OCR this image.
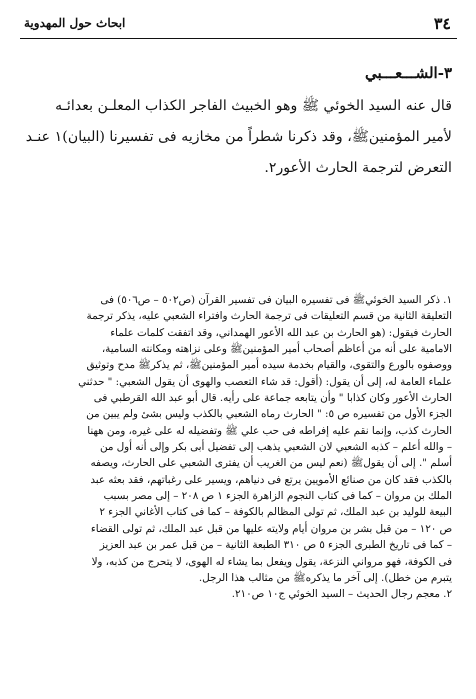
ابحاث حول المهدوية	٣٤
٣-الشـــعـــبي
قال عنه السيد الخوئي ﷺ وهو الخبيث الفاجر الكذاب المعلـن بعدائـه
لأمير المؤمنينﷺ، وقد ذكرنا شطراً من مخازيه فى تفسيرنا (البيان)١ عنـد
التعرض لترجمة الحارث الأعور٢.
١. ذكر السيد الخوئيﷺ فى تفسيره البيان فى تفسير القرآن (ص٥٠٢ – ص٥٠٦) فى
التعليقة الثانية من قسم التعليقات فى ترجمة الحارث وافتراء الشعبي عليه، يذكر ترجمة
الحارث فيقول: (هو الحارث بن عبد الله الأعور الهمداني، وقد اتفقت كلمات علماء
الامامية على أنه من أعاظم أصحاب أمير المؤمنينﷺ وعلى نزاهته ومكانته السامية،
ووصفوه بالورع والتقوى، والقيام بخدمة سيده أمير المؤمنينﷺ، ثم يذكرﷺ مدح وتوثيق
علماء العامة له، إلى أن يقول: (أقول: قد شاء التعصب والهوى أن يقول الشعبي: " حدثني
الحارث الأعور وكان كذابا " وأن يتابعه جماعة على رأيه. قال أبو عبد الله القرطبي فى
الجزء الأول من تفسيره ص ٥: " الحارث رماه الشعبي بالكذب وليس بشئ ولم يبين من
الحارث كذب، وإنما نقم عليه إفراطه فى حب علي ﷺ وتفضيله له على غيره، ومن ههنا
– والله أعلم – كذبه الشعبي لان الشعبي يذهب إلى تفضيل أبى بكر وإلى أنه أول من
أسلم ". إلى أن يقولﷺ (نعم ليس من الغريب أن يفترى الشعبي على الحارث، ويصفه
بالكذب فقد كان من صنائع الأمويين يرتع فى دنياهم، ويسير على رغباتهم، فقد بعثه عبد
الملك بن مروان – كما فى كتاب النجوم الزاهرة الجزء ١ ص ٢٠٨ – إلى مصر بسبب
البيعة للوليد بن عبد الملك، ثم تولى المظالم بالكوفة – كما فى كتاب الأغاني الجزء ٢
ص ١٢٠ – من قبل بشر بن مروان أيام ولايته عليها من قبل عبد الملك، ثم تولى القضاء
– كما فى تاريخ الطبرى الجزء ٥ ص ٣١٠ الطبعة الثانية – من قبل عمر بن عبد العزيز
فى الكوفة، فهو مرواني النزعة، يقول ويفعل بما يشاء له الهوى، لا يتحرج من كذبه، ولا
يتبرم من خطل). إلى آخر ما يذكرهﷺ من مثالب هذا الرجل.
٢. معجم رجال الحديث – السيد الخوئي ج١٠ ص٢١٠.
